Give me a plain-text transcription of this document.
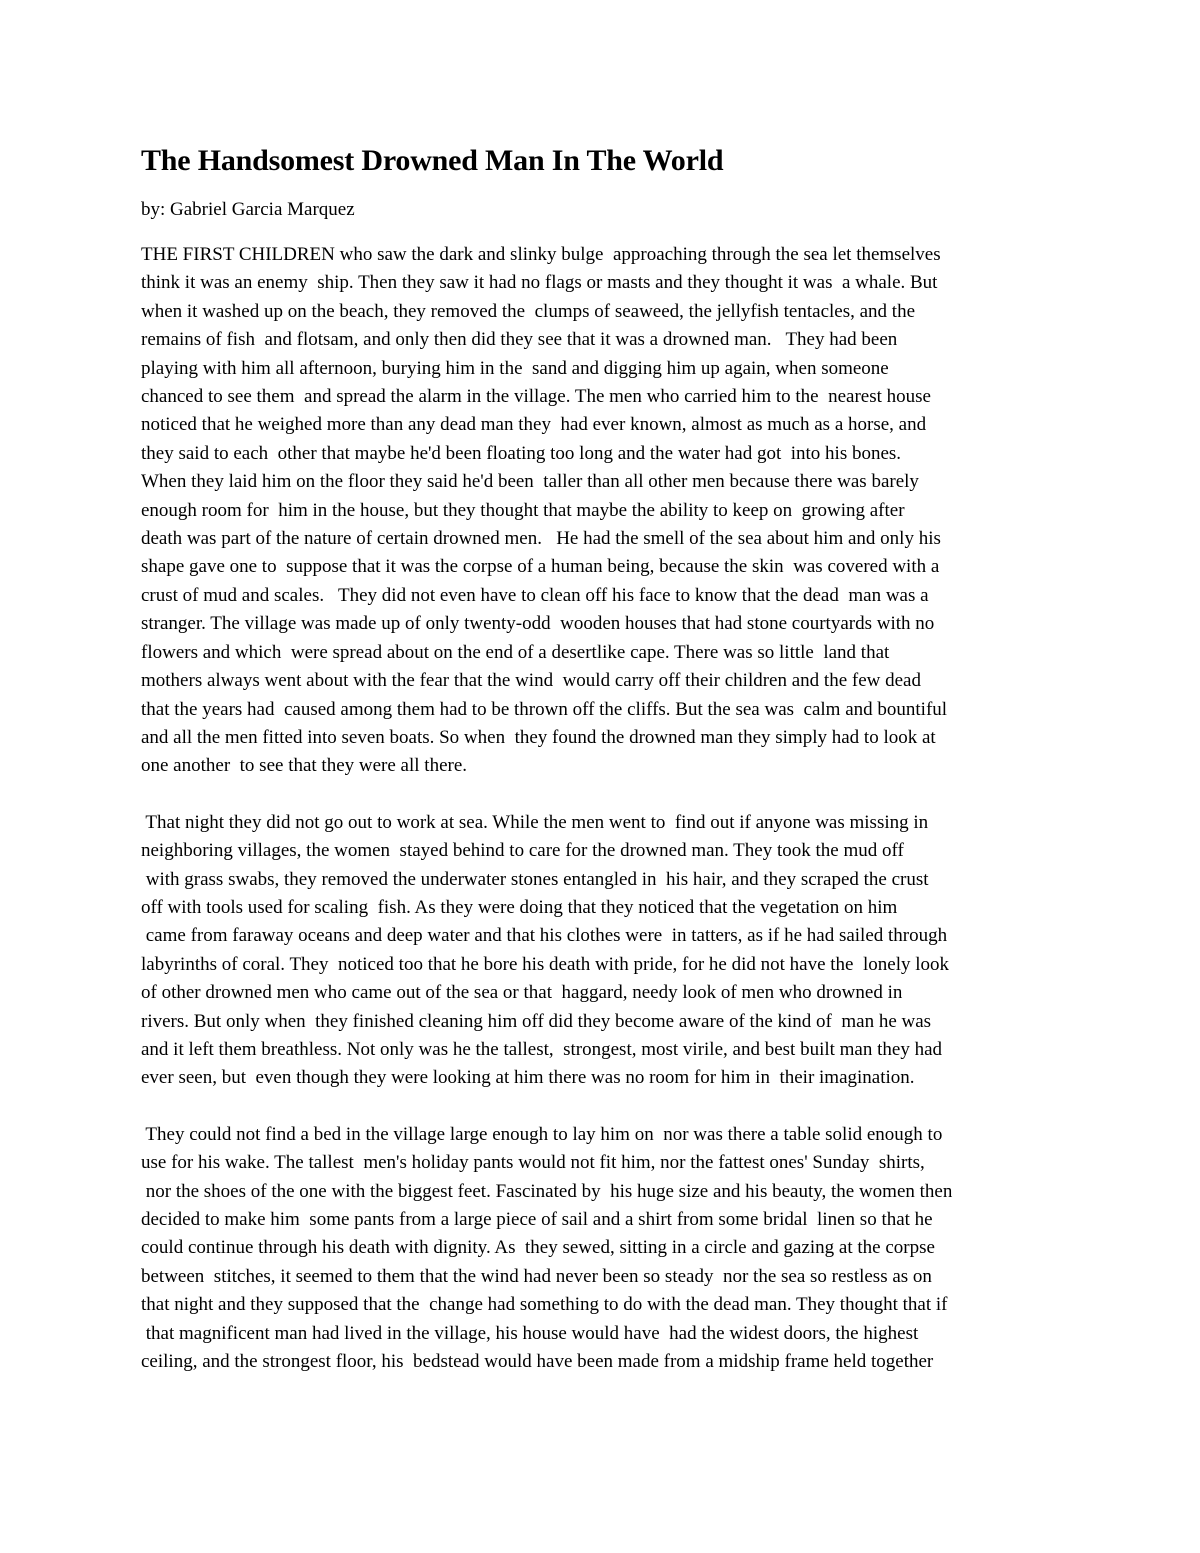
The Handsomest Drowned Man In The World

by: Gabriel Garcia Marquez

THE FIRST CHILDREN who saw the dark and slinky bulge  approaching through the sea let themselves
think it was an enemy  ship. Then they saw it had no flags or masts and they thought it was  a whale. But
when it washed up on the beach, they removed the  clumps of seaweed, the jellyfish tentacles, and the
remains of fish  and flotsam, and only then did they see that it was a drowned man.   They had been
playing with him all afternoon, burying him in the  sand and digging him up again, when someone
chanced to see them  and spread the alarm in the village. The men who carried him to the  nearest house
noticed that he weighed more than any dead man they  had ever known, almost as much as a horse, and
they said to each  other that maybe he'd been floating too long and the water had got  into his bones.
When they laid him on the floor they said he'd been  taller than all other men because there was barely
enough room for  him in the house, but they thought that maybe the ability to keep on  growing after
death was part of the nature of certain drowned men.   He had the smell of the sea about him and only his
shape gave one to  suppose that it was the corpse of a human being, because the skin  was covered with a
crust of mud and scales.   They did not even have to clean off his face to know that the dead  man was a
stranger. The village was made up of only twenty-odd  wooden houses that had stone courtyards with no
flowers and which  were spread about on the end of a desertlike cape. There was so little  land that
mothers always went about with the fear that the wind  would carry off their children and the few dead
that the years had  caused among them had to be thrown off the cliffs. But the sea was  calm and bountiful
and all the men fitted into seven boats. So when  they found the drowned man they simply had to look at
one another  to see that they were all there.
That night they did not go out to work at sea. While the men went to  find out if anyone was missing in
neighboring villages, the women  stayed behind to care for the drowned man. They took the mud off
with grass swabs, they removed the underwater stones entangled in  his hair, and they scraped the crust
off with tools used for scaling  fish. As they were doing that they noticed that the vegetation on him
came from faraway oceans and deep water and that his clothes were  in tatters, as if he had sailed through
labyrinths of coral. They  noticed too that he bore his death with pride, for he did not have the  lonely look
of other drowned men who came out of the sea or that  haggard, needy look of men who drowned in
rivers. But only when  they finished cleaning him off did they become aware of the kind of  man he was
and it left them breathless. Not only was he the tallest,  strongest, most virile, and best built man they had
ever seen, but  even though they were looking at him there was no room for him in  their imagination.
They could not find a bed in the village large enough to lay him on  nor was there a table solid enough to
use for his wake. The tallest  men's holiday pants would not fit him, nor the fattest ones' Sunday  shirts,
nor the shoes of the one with the biggest feet. Fascinated by  his huge size and his beauty, the women then
decided to make him  some pants from a large piece of sail and a shirt from some bridal  linen so that he
could continue through his death with dignity. As  they sewed, sitting in a circle and gazing at the corpse
between  stitches, it seemed to them that the wind had never been so steady  nor the sea so restless as on
that night and they supposed that the  change had something to do with the dead man. They thought that if
that magnificent man had lived in the village, his house would have  had the widest doors, the highest
ceiling, and the strongest floor, his  bedstead would have been made from a midship frame held together
